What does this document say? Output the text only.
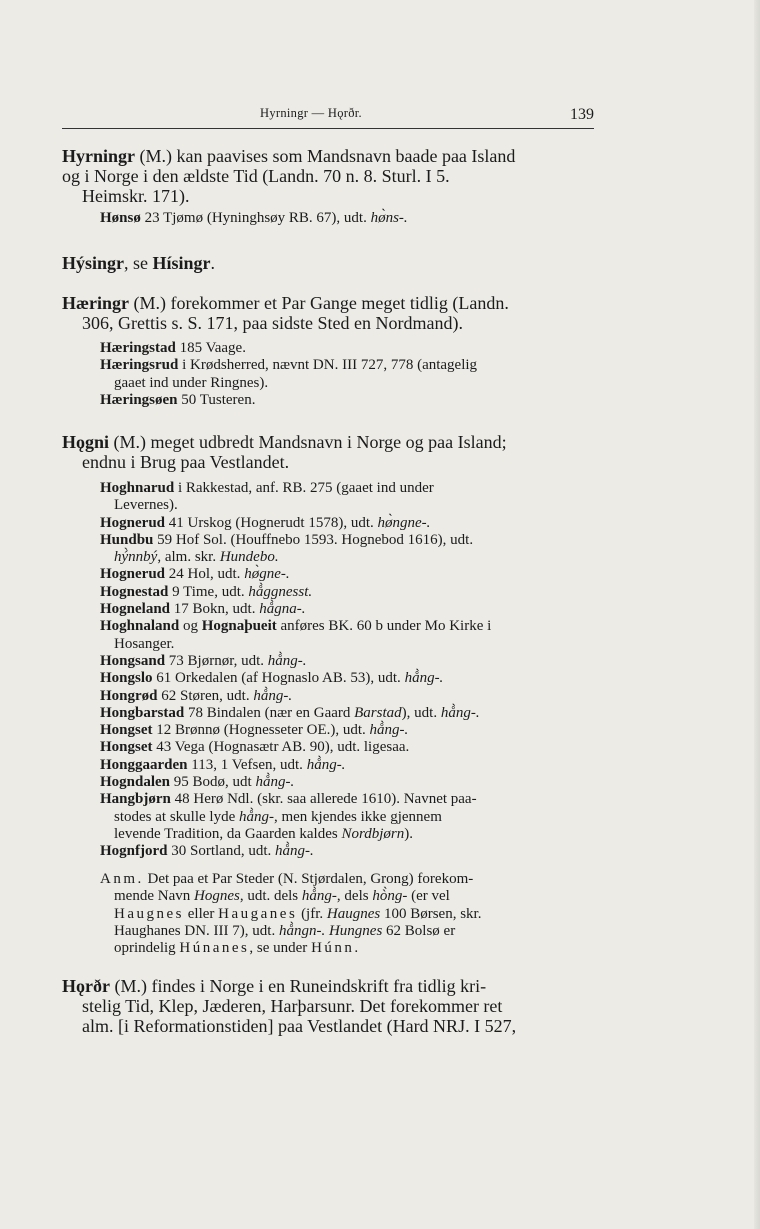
Hyrningr — Hǫrðr.	139
Hyrningr (M.) kan paavises som Mandsnavn baade paa Island
og i Norge i den ældste Tid (Landn. 70 n. 8. Sturl. I 5.
Heimskr. 171).
Hønsø 23 Tjømø (Hyninghsøy RB. 67), udt. hø̀ns-.
Hýsingr, se Hísingr.
Hæringr (M.) forekommer et Par Gange meget tidlig (Landn.
306, Grettis s. S. 171, paa sidste Sted en Nordmand).
Hæringstad 185 Vaage.
Hæringsrud i Krødsherred, nævnt DN. III 727, 778 (antagelig
gaaet ind under Ringnes).
Hæringsøen 50 Tusteren.
Hǫgni (M.) meget udbredt Mandsnavn i Norge og paa Island;
endnu i Brug paa Vestlandet.
Hoghnarud i Rakkestad, anf. RB. 275 (gaaet ind under
Levernes).
Hognerud 41 Urskog (Hognerudt 1578), udt. hø̀ngne-.
Hundbu 59 Hof Sol. (Houffnebo 1593. Hognebod 1616), udt.
hý̀nnbý, alm. skr. Hundebo.
Hognerud 24 Hol, udt. hø̀gne-.
Hognestad 9 Time, udt. hå̀ggnesst.
Hogneland 17 Bokn, udt. hå̀gna-.
Hoghnaland og Hognaþueit anføres BK. 60 b under Mo Kirke i
Hosanger.
Hongsand 73 Bjørnør, udt. hå̀ng-.
Hongslo 61 Orkedalen (af Hognaslo AB. 53), udt. hå̀ng-.
Hongrød 62 Støren, udt. hå̀ng-.
Hongbarstad 78 Bindalen (nær en Gaard Barstad), udt. hå̀ng-.
Hongset 12 Brønnø (Hognesseter OE.), udt. hå̀ng-.
Hongset 43 Vega (Hognasætr AB. 90), udt. ligesaa.
Honggaarden 113, 1 Vefsen, udt. hå̀ng-.
Hogndalen 95 Bodø, udt hå̀ng-.
Hangbjørn 48 Herø Ndl. (skr. saa allerede 1610). Navnet paa-
stodes at skulle lyde hå̀ng-, men kjendes ikke gjennem
levende Tradition, da Gaarden kaldes Nordbjørn).
Hognfjord 30 Sortland, udt. hå̀ng-.
Anm. Det paa et Par Steder (N. Stjørdalen, Grong) forekom-
mende Navn Hognes, udt. dels hå̀ng-, dels hò̀ng- (er vel
Haugnes eller Hauganes (jfr. Haugnes 100 Børsen, skr.
Haughanes DN. III 7), udt. hå̀ngn-. Hungnes 62 Bolsø er
oprindelig Húnanes, se under Húnn.
Hǫrðr (M.) findes i Norge i en Runeindskrift fra tidlig kri-
stelig Tid, Klep, Jæderen, Harþarsunr. Det forekommer ret
alm. [i Reformationstiden] paa Vestlandet (Hard NRJ. I 527,
